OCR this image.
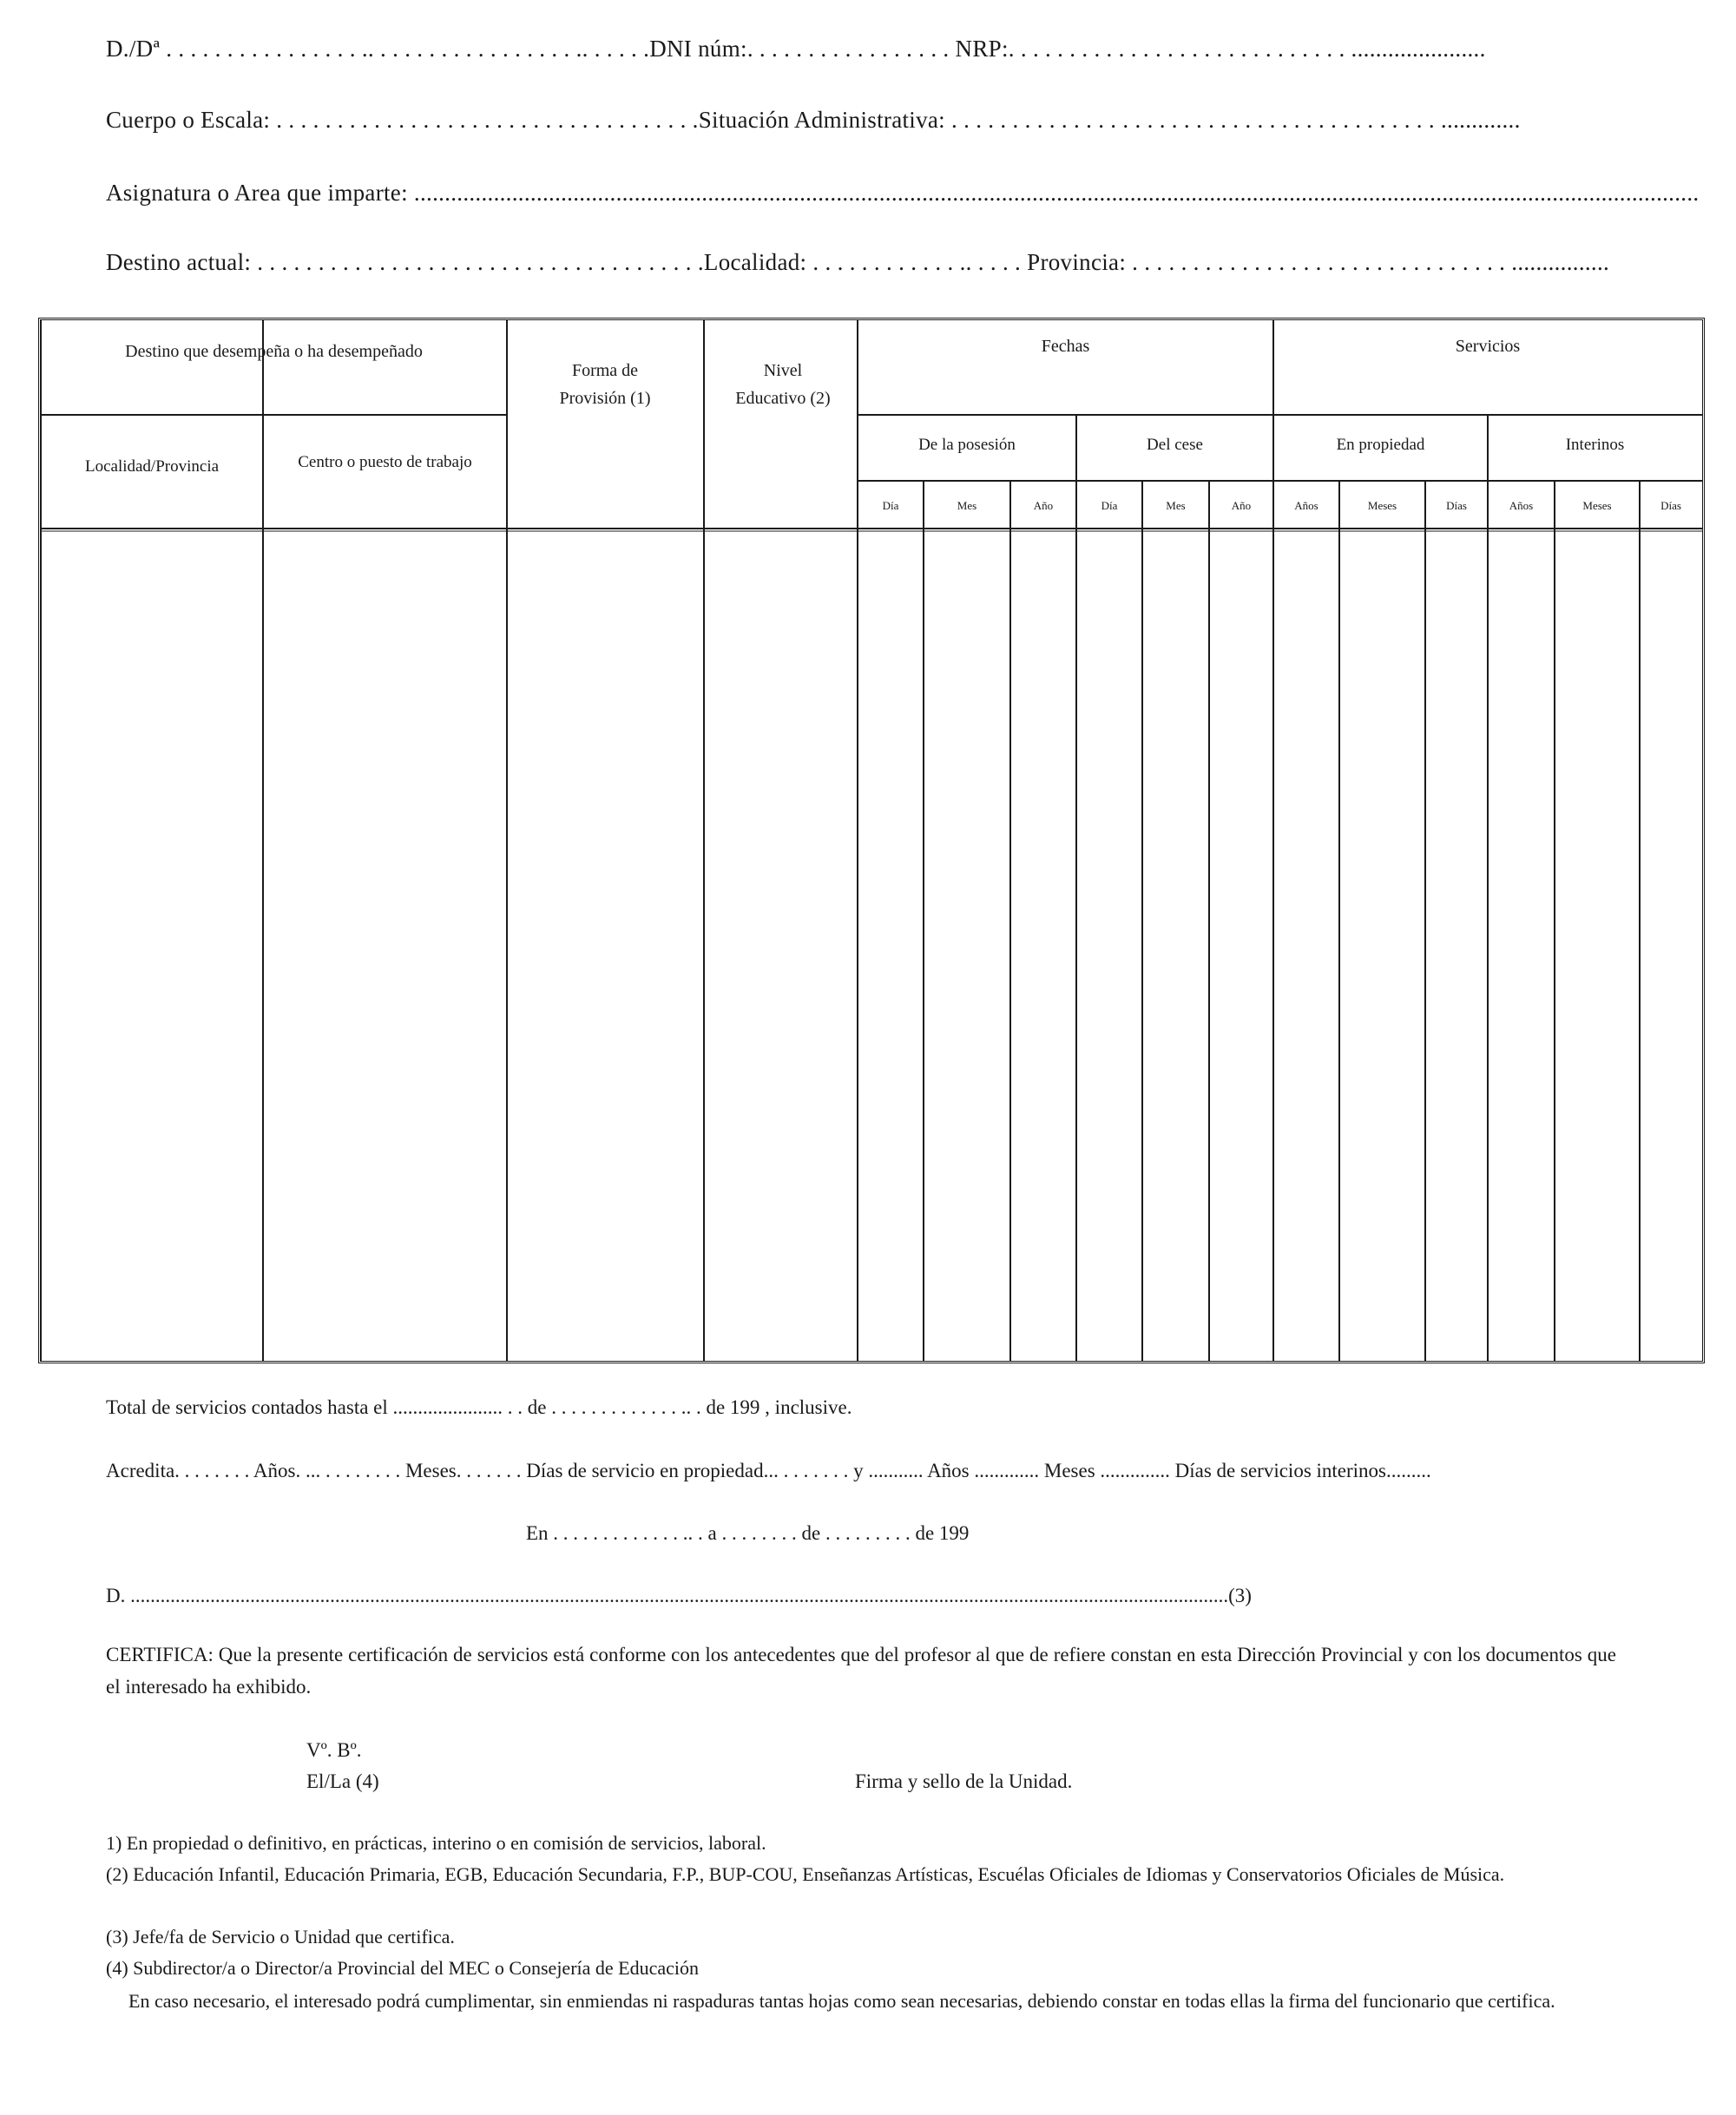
D./Dª . . . . . . . . . . . . . . . . .. . . . . . . . . . . . . . . . . .. . . . . .DNI núm:. . . . . . . . . . . . . . . . . NRP:. . . . . . . . . . . . . . . . . . . . . . . . . . . . ......................
Cuerpo o Escala: . . . . . . . . . . . . . . . . . . . . . . . . . . . . . . . . . . .Situación Administrativa: . . . . . . . . . . . . . . . . . . . . . . . . . . . . . . . . . . . . . . . . .............
Asignatura o Area que imparte: ..................................................................................................................................................................................................................
Destino actual: . . . . . . . . . . . . . . . . . . . . . . . . . . . . . . . . . . . . .Localidad: . . . . . . . . . . . . .. . . . . Provincia: . . . . . . . . . . . . . . . . . . . . . . . . . . . . . . . ................
Destino que desempeña o ha desempeñado
Localidad/Provincia	Centro o puesto de trabajo
Forma de Provisión (1)
Nivel Educativo (2)
Fechas	Servicios
De la posesión	Del cese	En propiedad	Interinos
Día	Mes	Año	Día	Mes	Año	Años	Meses	Días	Años	Meses	Días
Total de servicios contados hasta el ...................... . . de . . . . . . . . . . . . . .. . de 199 , inclusive.
Acredita. . . . . . . . Años. ... . . . . . . . . Meses. . . . . . . Días de servicio en propiedad... . . . . . . . y ........... Años ............. Meses .............. Días de servicios interinos.........
En . . . . . . . . . . . . . .. . a . . . . . . . . de . . . . . . . . . de 199
D. ............................................................................................................................................................................................................................(3)
CERTIFICA: Que la presente certificación de servicios está conforme con los antecedentes que del profesor al que de refiere constan en esta Dirección Provincial y con los documentos que el interesado ha exhibido.
Vº. Bº.
El/La (4)	Firma y sello de la Unidad.
1) En propiedad o definitivo, en prácticas, interino o en comisión de servicios, laboral.
(2) Educación Infantil, Educación Primaria, EGB, Educación Secundaria, F.P., BUP-COU, Enseñanzas Artísticas, Escuélas Oficiales de Idiomas y Conservatorios Oficiales de Música.
(3) Jefe/fa de Servicio o Unidad que certifica.
(4) Subdirector/a o Director/a Provincial del MEC o Consejería de Educación
En caso necesario, el interesado podrá cumplimentar, sin enmiendas ni raspaduras tantas hojas como sean necesarias, debiendo constar en todas ellas la firma del funcionario que certifica.
